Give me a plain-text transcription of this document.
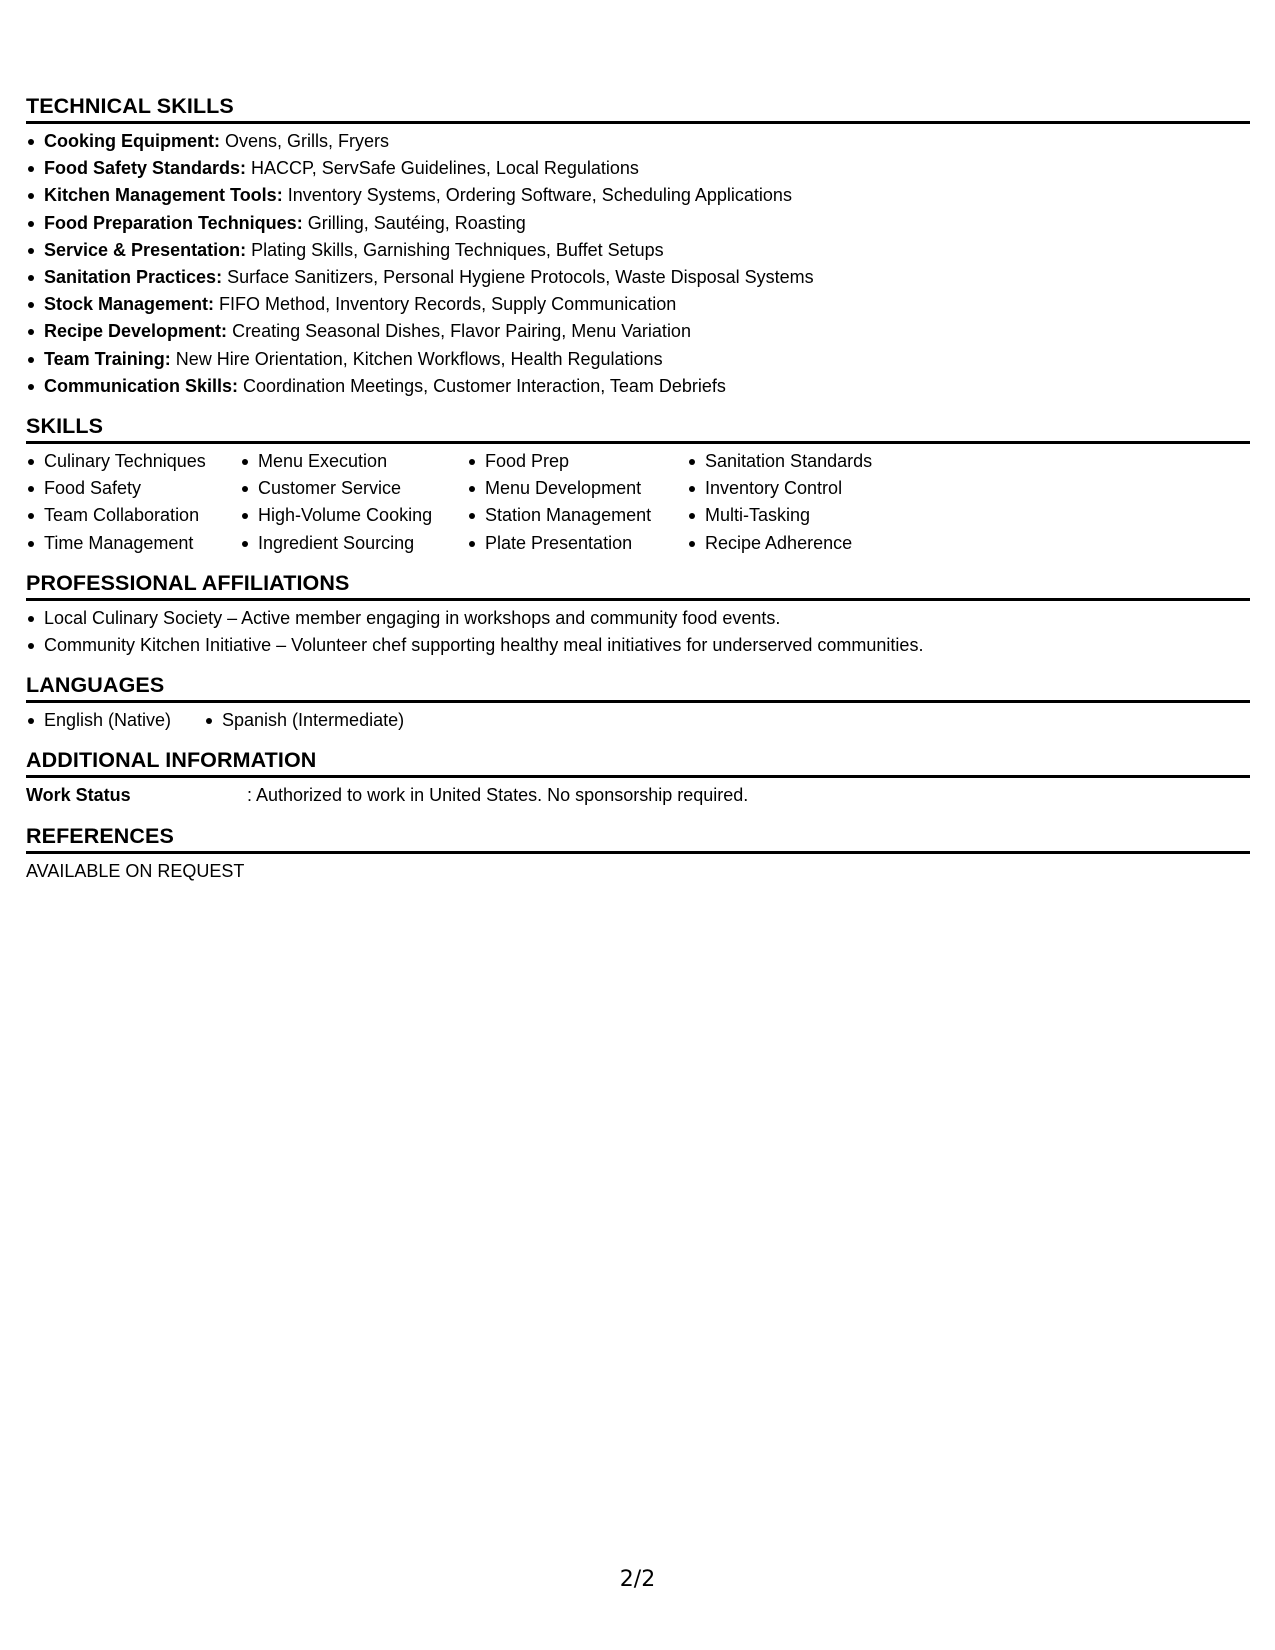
TECHNICAL SKILLS
Cooking Equipment: Ovens, Grills, Fryers
Food Safety Standards: HACCP, ServSafe Guidelines, Local Regulations
Kitchen Management Tools: Inventory Systems, Ordering Software, Scheduling Applications
Food Preparation Techniques: Grilling, Sautéing, Roasting
Service & Presentation: Plating Skills, Garnishing Techniques, Buffet Setups
Sanitation Practices: Surface Sanitizers, Personal Hygiene Protocols, Waste Disposal Systems
Stock Management: FIFO Method, Inventory Records, Supply Communication
Recipe Development: Creating Seasonal Dishes, Flavor Pairing, Menu Variation
Team Training: New Hire Orientation, Kitchen Workflows, Health Regulations
Communication Skills: Coordination Meetings, Customer Interaction, Team Debriefs
SKILLS
Culinary Techniques
Food Safety
Team Collaboration
Time Management
Menu Execution
Customer Service
High-Volume Cooking
Ingredient Sourcing
Food Prep
Menu Development
Station Management
Plate Presentation
Sanitation Standards
Inventory Control
Multi-Tasking
Recipe Adherence
PROFESSIONAL AFFILIATIONS
Local Culinary Society – Active member engaging in workshops and community food events.
Community Kitchen Initiative – Volunteer chef supporting healthy meal initiatives for underserved communities.
LANGUAGES
English (Native)	Spanish (Intermediate)
ADDITIONAL INFORMATION
Work Status	: Authorized to work in United States. No sponsorship required.
REFERENCES
AVAILABLE ON REQUEST
2/2
